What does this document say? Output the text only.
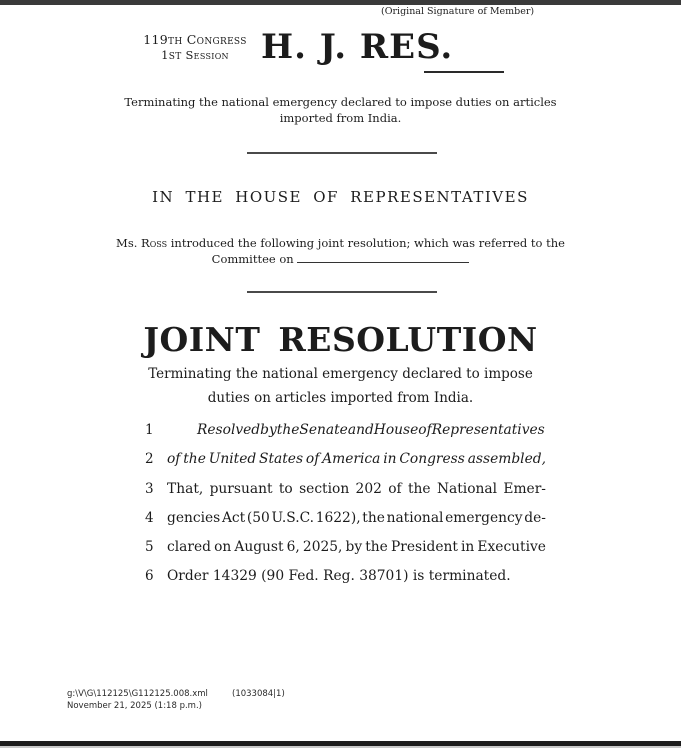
(Original Signature of Member)
119TH Congress
1ST Session H. J. RES.
Terminating the national emergency declared to impose duties on articles
imported from India.
IN THE HOUSE OF REPRESENTATIVES
Ms. Ross introduced the following joint resolution; which was referred to the
Committee on
JOINT RESOLUTION
Terminating the national emergency declared to impose
duties on articles imported from India.
1	Resolved by the Senate and House of Representatives
2 of the United States of America in Congress assembled,
3 That, pursuant to section 202 of the National Emer-
4 gencies Act (50 U.S.C. 1622), the national emergency de-
5 clared on August 6, 2025, by the President in Executive
6 Order 14329 (90 Fed. Reg. 38701) is terminated.
g:\V\G\112125\G112125.008.xml	(1033084|1)
November 21, 2025 (1:18 p.m.)
